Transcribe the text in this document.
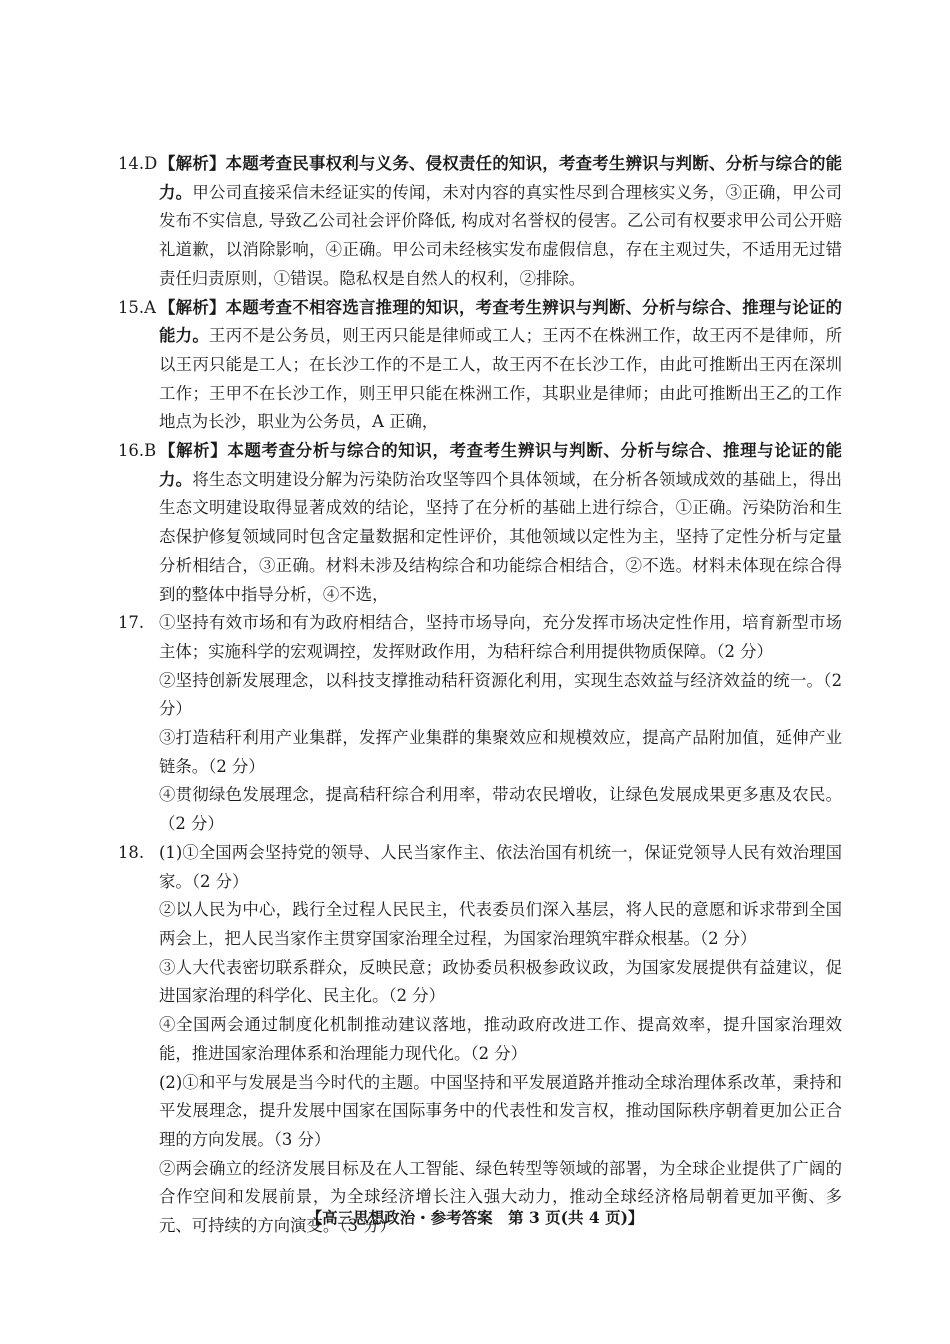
14.D 【解析】本题考查民事权利与义务、侵权责任的知识，考查考生辨识与判断、分析与综合的能力。甲公司直接采信未经证实的传闻，未对内容的真实性尽到合理核实义务，③正确，甲公司发布不实信息, 导致乙公司社会评价降低, 构成对名誉权的侵害。乙公司有权要求甲公司公开赔礼道歉，以消除影响，④正确。甲公司未经核实发布虚假信息，存在主观过失，不适用无过错责任归责原则，①错误。隐私权是自然人的权利，②排除。
15.A 【解析】本题考查不相容选言推理的知识，考查考生辨识与判断、分析与综合、推理与论证的能力。王丙不是公务员，则王丙只能是律师或工人；王丙不在株洲工作，故王丙不是律师，所以王丙只能是工人；在长沙工作的不是工人，故王丙不在长沙工作，由此可推断出王丙在深圳工作；王甲不在长沙工作，则王甲只能在株洲工作，其职业是律师；由此可推断出王乙的工作地点为长沙，职业为公务员，A 正确，
16.B 【解析】本题考查分析与综合的知识，考查考生辨识与判断、分析与综合、推理与论证的能力。将生态文明建设分解为污染防治攻坚等四个具体领域，在分析各领域成效的基础上，得出生态文明建设取得显著成效的结论，坚持了在分析的基础上进行综合，①正确。污染防治和生态保护修复领域同时包含定量数据和定性评价，其他领域以定性为主，坚持了定性分析与定量分析相结合，③正确。材料未涉及结构综合和功能综合相结合，②不选。材料未体现在综合得到的整体中指导分析，④不选，
17. ①坚持有效市场和有为政府相结合，坚持市场导向，充分发挥市场决定性作用，培育新型市场主体；实施科学的宏观调控，发挥财政作用，为秸秆综合利用提供物质保障。（2 分）
②坚持创新发展理念，以科技支撑推动秸秆资源化利用，实现生态效益与经济效益的统一。（2 分）
③打造秸秆利用产业集群，发挥产业集群的集聚效应和规模效应，提高产品附加值，延伸产业链条。（2 分）
④贯彻绿色发展理念，提高秸秆综合利用率，带动农民增收，让绿色发展成果更多惠及农民。（2 分）
18. (1)①全国两会坚持党的领导、人民当家作主、依法治国有机统一，保证党领导人民有效治理国家。（2 分）
②以人民为中心，践行全过程人民民主，代表委员们深入基层，将人民的意愿和诉求带到全国两会上，把人民当家作主贯穿国家治理全过程，为国家治理筑牢群众根基。（2 分）
③人大代表密切联系群众，反映民意；政协委员积极参政议政，为国家发展提供有益建议，促进国家治理的科学化、民主化。（2 分）
④全国两会通过制度化机制推动建议落地，推动政府改进工作、提高效率，提升国家治理效能，推进国家治理体系和治理能力现代化。（2 分）
(2)①和平与发展是当今时代的主题。中国坚持和平发展道路并推动全球治理体系改革，秉持和平发展理念，提升发展中国家在国际事务中的代表性和发言权，推动国际秩序朝着更加公正合理的方向发展。（3 分）
②两会确立的经济发展目标及在人工智能、绿色转型等领域的部署，为全球企业提供了广阔的合作空间和发展前景，为全球经济增长注入强大动力，推动全球经济格局朝着更加平衡、多元、可持续的方向演变。（3 分）
【高三思想政治・参考答案　第 3 页(共 4 页)】
